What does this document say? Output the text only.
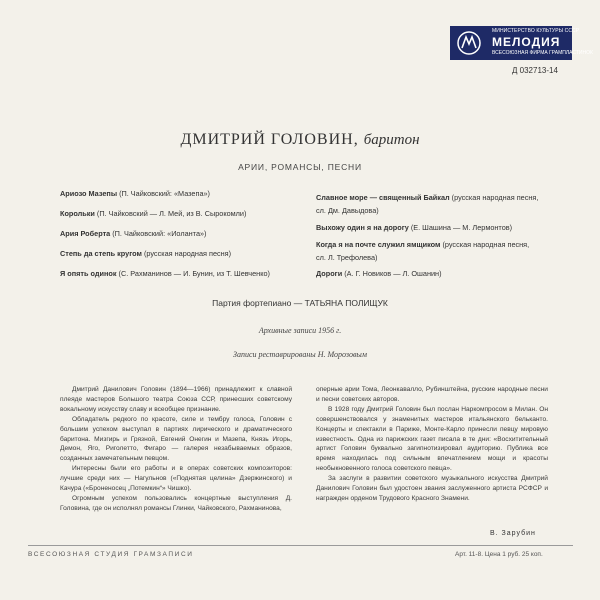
МИНИСТЕРСТВО КУЛЬТУРЫ СССР
МЕЛОДИЯ
ВСЕСОЮЗНАЯ ФИРМА ГРАМПЛАСТИНОК
Д 032713-14
ДМИТРИЙ ГОЛОВИН, баритон
АРИИ, РОМАНСЫ, ПЕСНИ
Ариозо Мазепы (П. Чайковский: «Мазепа»)
Корольки (П. Чайковский — Л. Мей, из В. Сырокомли)
Ария Роберта (П. Чайковский: «Иоланта»)
Степь да степь кругом (русская народная песня)
Я опять одинок (С. Рахманинов — И. Бунин, из Т. Шевченко)
Славное море — священный Байкал (русская народная песня,
сл. Дм. Давыдова)
Выхожу один я на дорогу (Е. Шашина — М. Лермонтов)
Когда я на почте служил ямщиком (русская народная песня,
сл. Л. Трефолева)
Дороги (А. Г. Новиков — Л. Ошанин)
Партия фортепиано — ТАТЬЯНА ПОЛИЩУК
Архивные записи 1956 г.
Записи реставрированы Н. Морозовым

Дмитрий Данилович Головин (1894—1966) принадлежит к славной плеяде мастеров Большого театра Союза ССР, принесших советскому вокальному искусству славу и всеобщее признание.

Обладатель редкого по красоте, силе и тембру голоса, Головин с большим успехом выступал в партиях лирического и драматического баритона. Мизгирь и Грязной, Евгений Онегин и Мазепа, Князь Игорь, Демон, Яго, Риголетто, Фигаро — галерея незабываемых образов, созданных замечательным певцом.

Интересны были его работы и в операх советских композиторов: лучшие среди них — Нагульнов («Поднятая целина» Дзержинского) и Качура («Броненосец „Потемкин“» Чишко).

Огромным успехом пользовались концертные выступления Д. Головина, где он исполнял романсы Глинки, Чайковского, Рахманинова,

оперные арии Тома, Леонкавалло, Рубинштейна, русские народные песни и песни советских авторов.

В 1928 году Дмитрий Головин был послан Наркомпросом в Милан. Он совершенствовался у знаменитых мастеров итальянского бельканто. Концерты и спектакли в Париже, Монте-Карло принесли певцу мировую известность. Одна из парижских газет писала в те дни: «Восхитительный артист Головин буквально загипнотизировал аудиторию. Публика все время находилась под сильным впечатлением мощи и красоты необыкновенного голоса советского певца».

За заслуги в развитии советского музыкального искусства Дмитрий Данилович Головин был удостоен звания заслуженного артиста РСФСР и награжден орденом Трудового Красного Знамени.

В. Зарубин
ВСЕСОЮЗНАЯ СТУДИЯ ГРАМЗАПИСИ	Арт. 11-8. Цена 1 руб. 25 коп.
